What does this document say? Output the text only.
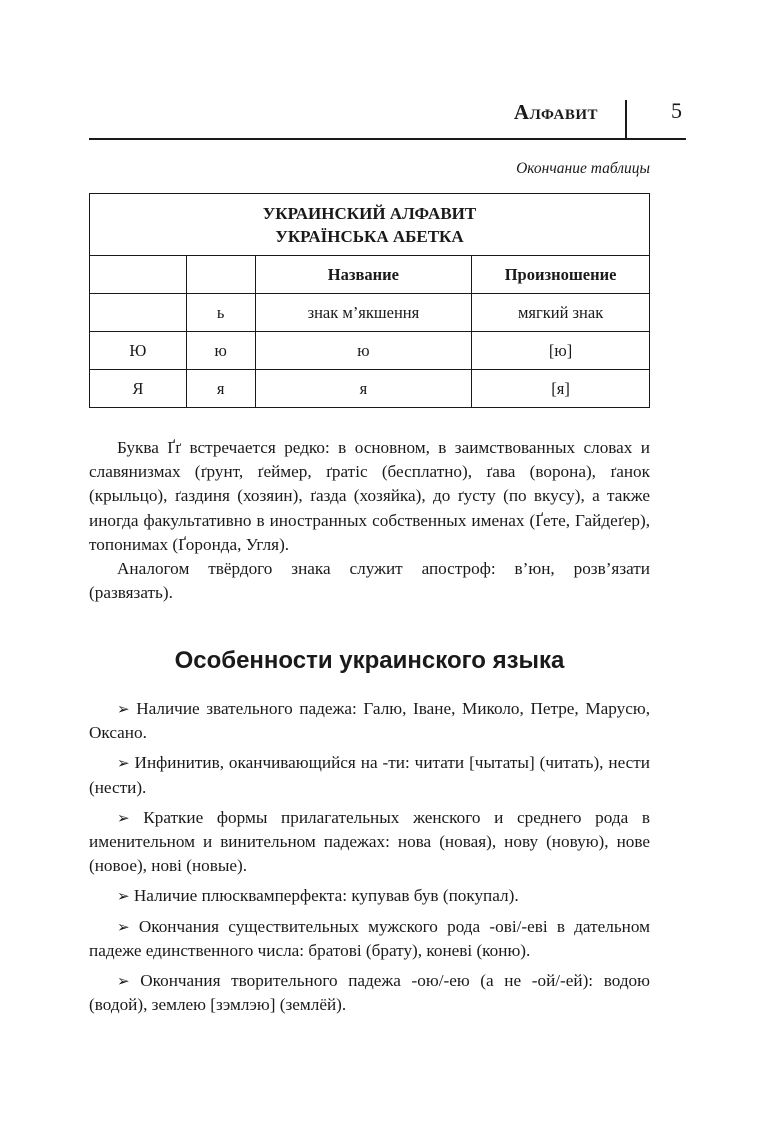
Алфавит	5
Окончание таблицы
УКРАИНСКИЙ АЛФАВИТ
УКРАЇНСЬКА АБЕТКА			

		Название	Произношение
	ь	знак м’якшення	мягкий знак
Ю	ю	ю	[ю]
Я	я	я	[я]

Буква Ґґ встречается редко: в основном, в заимствованных словах и славянизмах (ґрунт, ґеймер, ґратіс (бесплатно), ґава (ворона), ґанок (крыльцо), ґаздиня (хозяин), ґазда (хозяйка), до ґусту (по вкусу), а также иногда факультативно в иностранных собственных именах (Ґете, Гайдеґер), топонимах (Ґоронда, Угля).

Аналогом твёрдого знака служит апостроф: в’юн, розв’язати (развязать).

Особенности украинского языка

➢ Наличие звательного падежа: Галю, Іване, Миколо, Петре, Марусю, Оксано.

➢ Инфинитив, оканчивающийся на -ти: читати [чытаты] (читать), нести (нести).

➢ Краткие формы прилагательных женского и среднего рода в именительном и винительном падежах: нова (новая), нову (новую), нове (новое), нові (новые).

➢ Наличие плюсквамперфекта: купував був (покупал).

➢ Окончания существительных мужского рода -ові/-еві в дательном падеже единственного числа: братові (брату), коневі (коню).

➢ Окончания творительного падежа -ою/-ею (а не -ой/-ей): водою (водой), землею [зэмлэю] (землёй).
